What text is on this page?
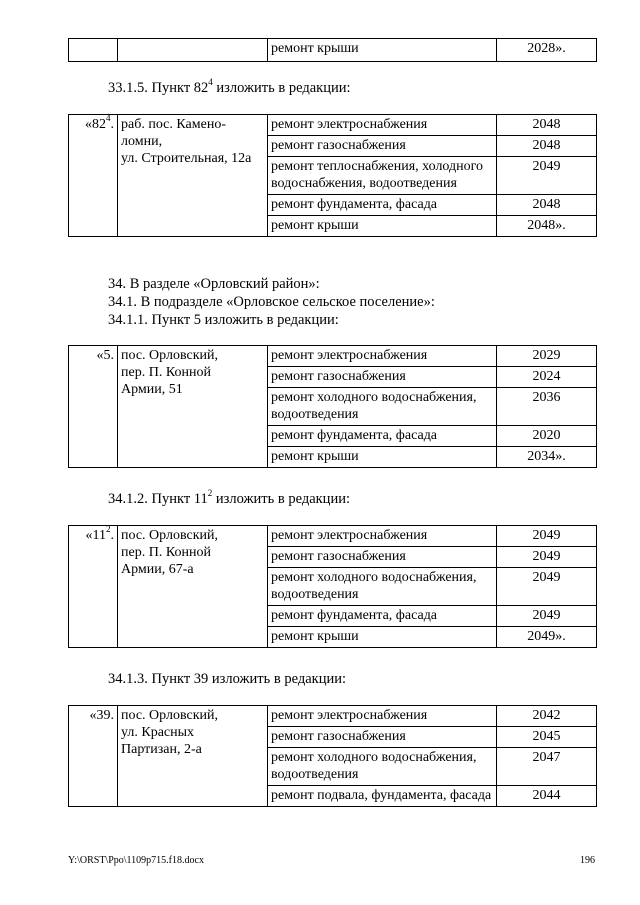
		ремонт крыши	2028».

33.1.5. Пункт $82^4$ изложить в редакции:

«$82^4$.	раб. пос. Камено-
ломни,
ул. Строительная, 12а	ремонт электроснабжения	2048
		ремонт газоснабжения	2048
		ремонт теплоснабжения, холодного водоснабжения, водоотведения	2049
		ремонт фундамента, фасада	2048
		ремонт крыши	2048».

34. В разделе «Орловский район»:

34.1. В подразделе «Орловское сельское поселение»:

34.1.1. Пункт 5 изложить в редакции:

«5.	пос. Орловский,
пер. П. Конной
Армии, 51	ремонт электроснабжения	2029
		ремонт газоснабжения	2024
		ремонт холодного водоснабжения, водоотведения	2036
		ремонт фундамента, фасада	2020
		ремонт крыши	2034».

34.1.2. Пункт $11^2$ изложить в редакции:

«$11^2$.	пос. Орловский,
пер. П. Конной
Армии, 67-а	ремонт электроснабжения	2049
		ремонт газоснабжения	2049
		ремонт холодного водоснабжения, водоотведения	2049
		ремонт фундамента, фасада	2049
		ремонт крыши	2049».

34.1.3. Пункт 39 изложить в редакции:

«39.	пос. Орловский,
ул. Красных
Партизан, 2-а	ремонт электроснабжения	2042
		ремонт газоснабжения	2045
		ремонт холодного водоснабжения, водоотведения	2047
		ремонт подвала, фундамента, фасада	2044
Y:\ORST\Ppo\1109p715.f18.docx	196
